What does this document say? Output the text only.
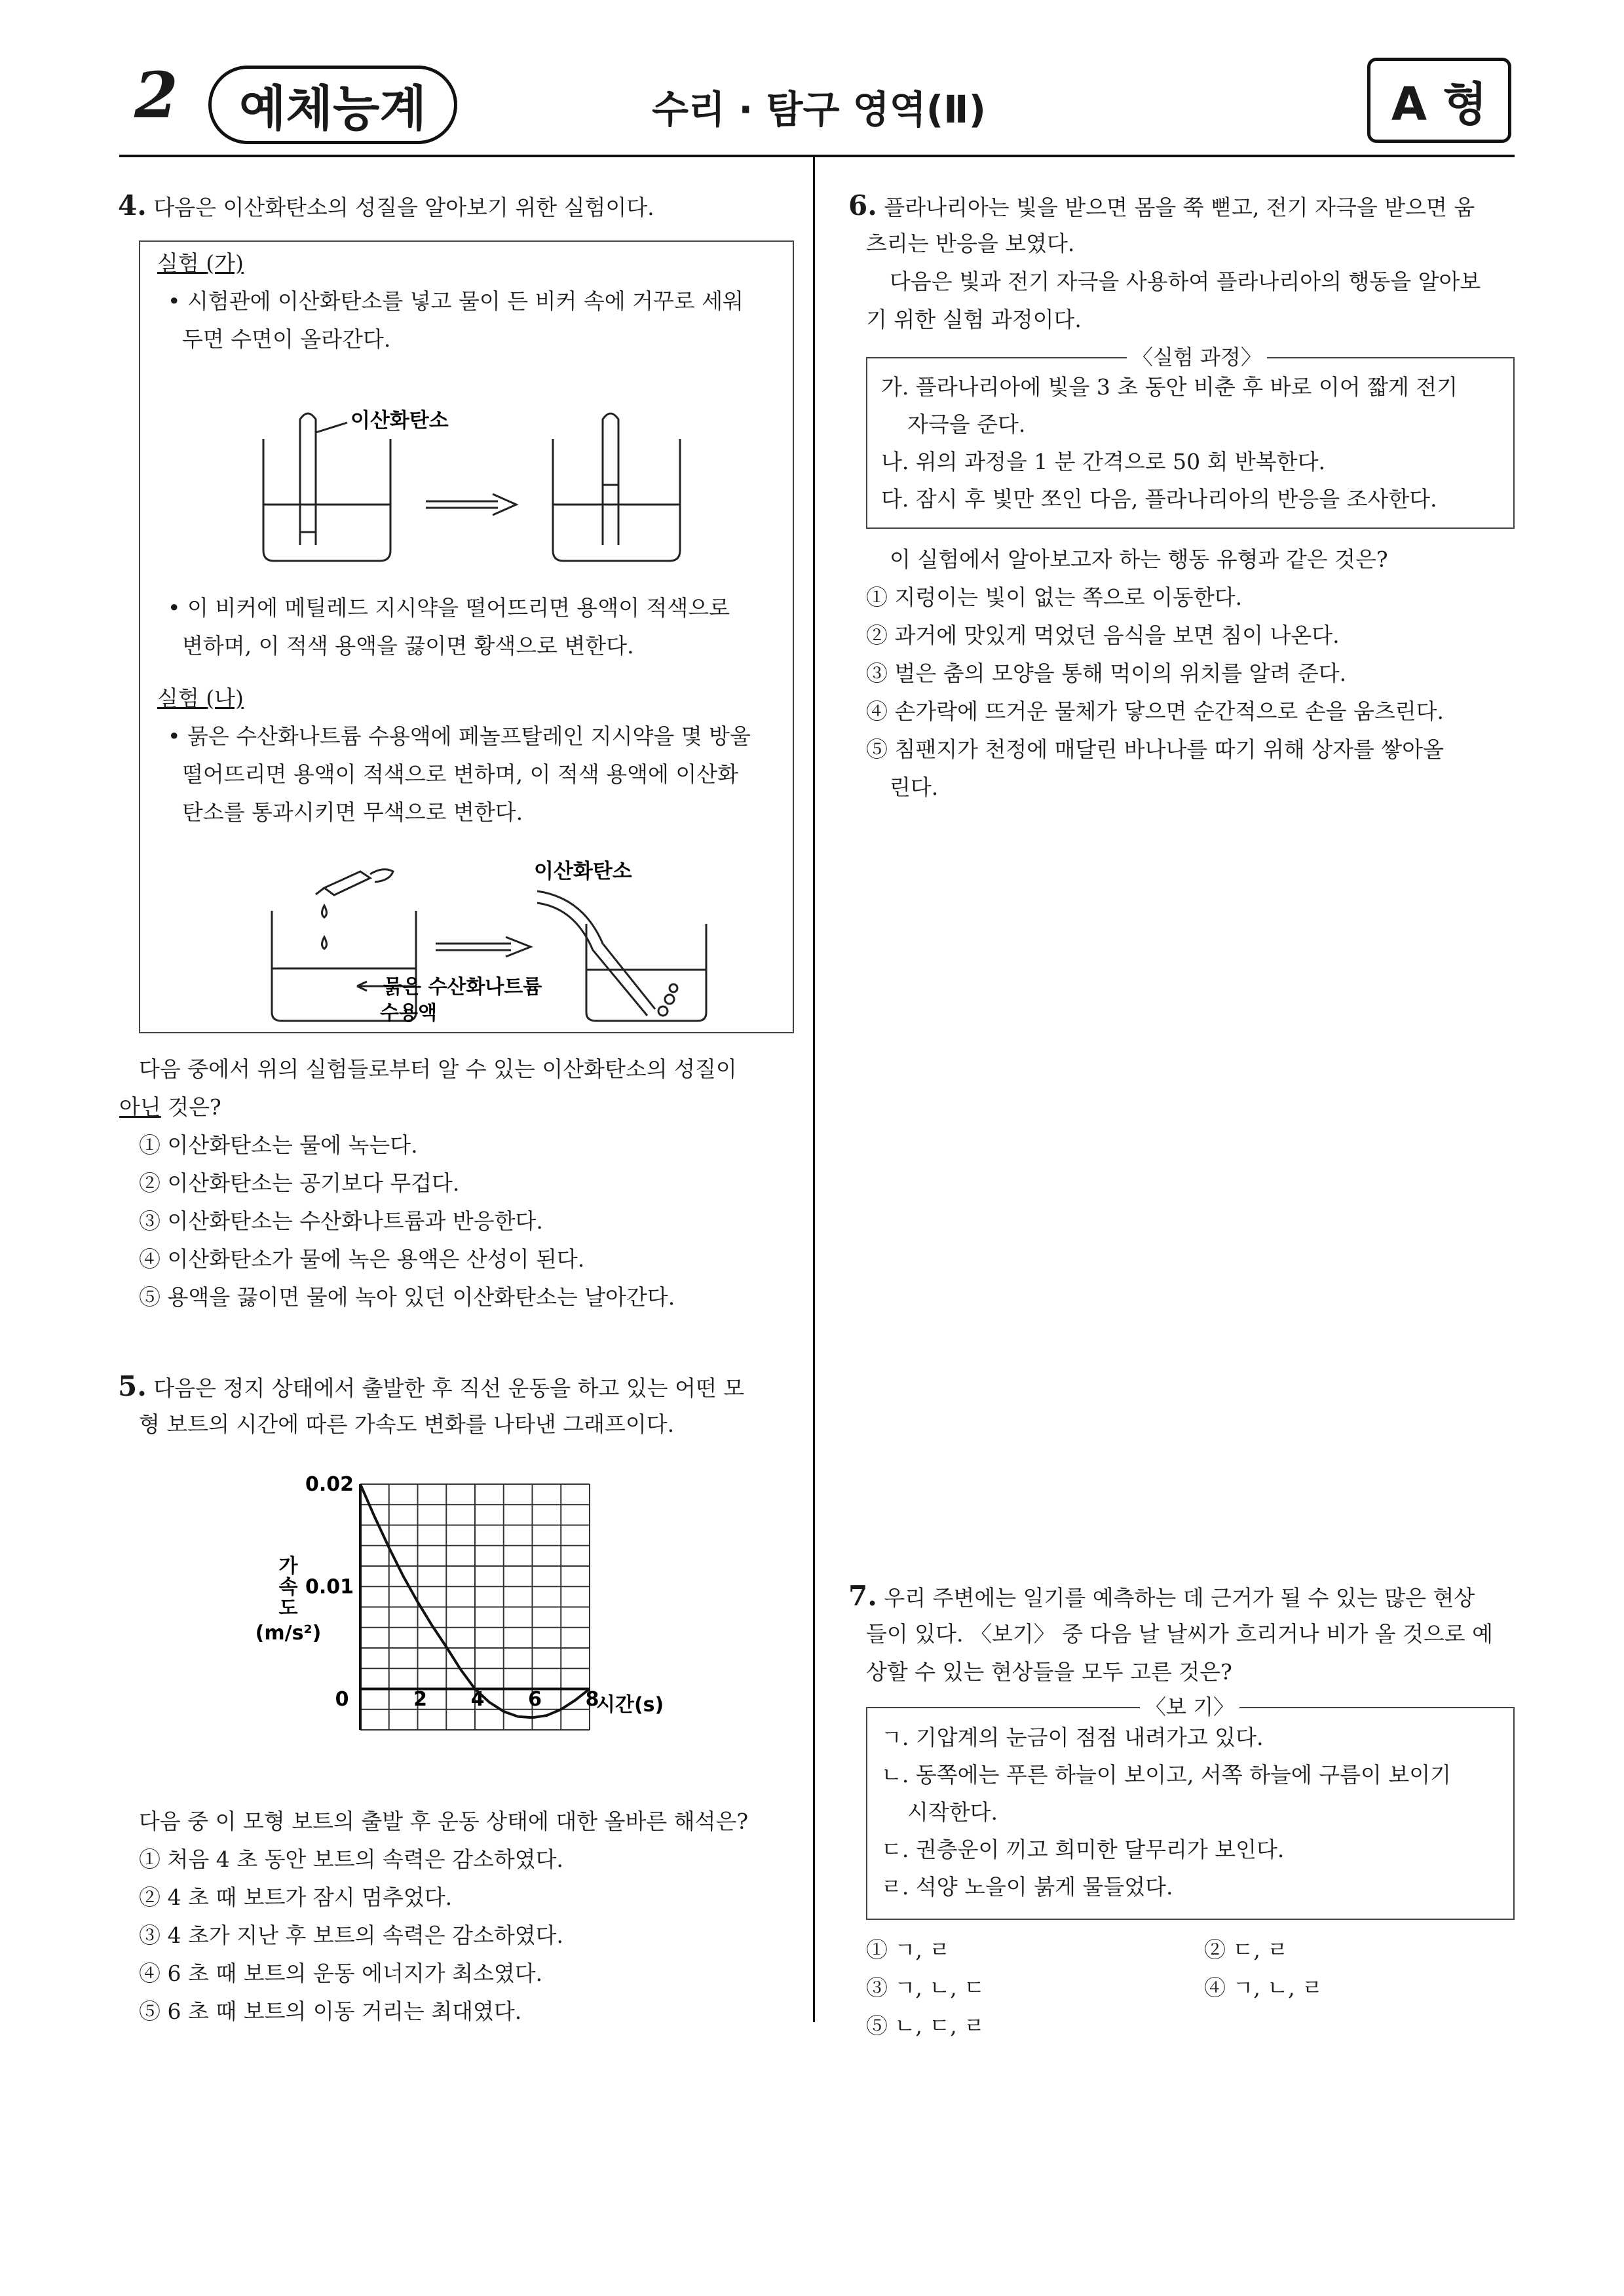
2	예체능계	수리 · 탐구 영역(Ⅱ)	A 형
4. 다음은 이산화탄소의 성질을 알아보기 위한 실험이다.
실험 (가)
• 시험관에 이산화탄소를 넣고 물이 든 비커 속에 거꾸로 세워
두면 수면이 올라간다.
이산화탄소
• 이 비커에 메틸레드 지시약을 떨어뜨리면 용액이 적색으로
변하며, 이 적색 용액을 끓이면 황색으로 변한다.
실험 (나)
• 묽은 수산화나트륨 수용액에 페놀프탈레인 지시약을 몇 방울
떨어뜨리면 용액이 적색으로 변하며, 이 적색 용액에 이산화
탄소를 통과시키면 무색으로 변한다.
이산화탄소
묽은 수산화나트륨
수용액
다음 중에서 위의 실험들로부터 알 수 있는 이산화탄소의 성질이
아닌 것은?
① 이산화탄소는 물에 녹는다.
② 이산화탄소는 공기보다 무겁다.
③ 이산화탄소는 수산화나트륨과 반응한다.
④ 이산화탄소가 물에 녹은 용액은 산성이 된다.
⑤ 용액을 끓이면 물에 녹아 있던 이산화탄소는 날아간다.
5. 다음은 정지 상태에서 출발한 후 직선 운동을 하고 있는 어떤 모
형 보트의 시간에 따른 가속도 변화를 나타낸 그래프이다.
0	2 4 6 8
0.02
0.01
가
속
도
(m/s²)
시간(s)
다음 중 이 모형 보트의 출발 후 운동 상태에 대한 올바른 해석은?
① 처음 4 초 동안 보트의 속력은 감소하였다.
② 4 초 때 보트가 잠시 멈추었다.
③ 4 초가 지난 후 보트의 속력은 감소하였다.
④ 6 초 때 보트의 운동 에너지가 최소였다.
⑤ 6 초 때 보트의 이동 거리는 최대였다.
6. 플라나리아는 빛을 받으면 몸을 쭉 뻗고, 전기 자극을 받으면 움
츠리는 반응을 보였다.
다음은 빛과 전기 자극을 사용하여 플라나리아의 행동을 알아보
기 위한 실험 과정이다.
〈실험 과정〉
가. 플라나리아에 빛을 3 초 동안 비춘 후 바로 이어 짧게 전기
자극을 준다.
나. 위의 과정을 1 분 간격으로 50 회 반복한다.
다. 잠시 후 빛만 쪼인 다음, 플라나리아의 반응을 조사한다.
이 실험에서 알아보고자 하는 행동 유형과 같은 것은?
① 지렁이는 빛이 없는 쪽으로 이동한다.
② 과거에 맛있게 먹었던 음식을 보면 침이 나온다.
③ 벌은 춤의 모양을 통해 먹이의 위치를 알려 준다.
④ 손가락에 뜨거운 물체가 닿으면 순간적으로 손을 움츠린다.
⑤ 침팬지가 천정에 매달린 바나나를 따기 위해 상자를 쌓아올
린다.
7. 우리 주변에는 일기를 예측하는 데 근거가 될 수 있는 많은 현상
들이 있다. 〈보기〉 중 다음 날 날씨가 흐리거나 비가 올 것으로 예
상할 수 있는 현상들을 모두 고른 것은?
〈보 기〉
ㄱ. 기압계의 눈금이 점점 내려가고 있다.
ㄴ. 동쪽에는 푸른 하늘이 보이고, 서쪽 하늘에 구름이 보이기
시작한다.
ㄷ. 권층운이 끼고 희미한 달무리가 보인다.
ㄹ. 석양 노을이 붉게 물들었다.
① ㄱ, ㄹ	② ㄷ, ㄹ
③ ㄱ, ㄴ, ㄷ	④ ㄱ, ㄴ, ㄹ
⑤ ㄴ, ㄷ, ㄹ
